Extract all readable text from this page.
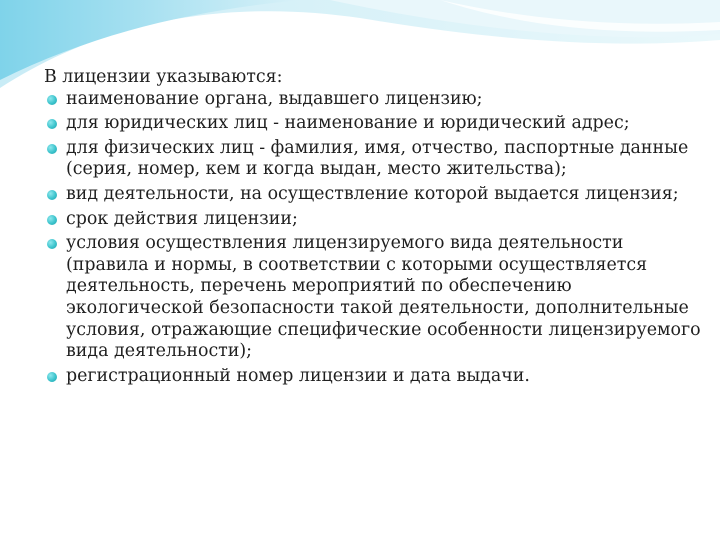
В лицензии указываются:
наименование органа, выдавшего лицензию;
для юридических лиц - наименование и юридический адрес;
для физических лиц - фамилия, имя, отчество, паспортные данные (серия, номер, кем и когда выдан, место жительства);
вид деятельности, на осуществление которой выдается лицензия;
срок действия лицензии;
условия осуществления лицензируемого вида деятельности (правила и нормы, в соответствии с которыми осуществляется деятельность, перечень мероприятий по обеспечению экологической безопасности такой деятельности, дополнительные условия, отражающие специфические особенности лицензируемого вида деятельности);
регистрационный номер лицензии и дата выдачи.
